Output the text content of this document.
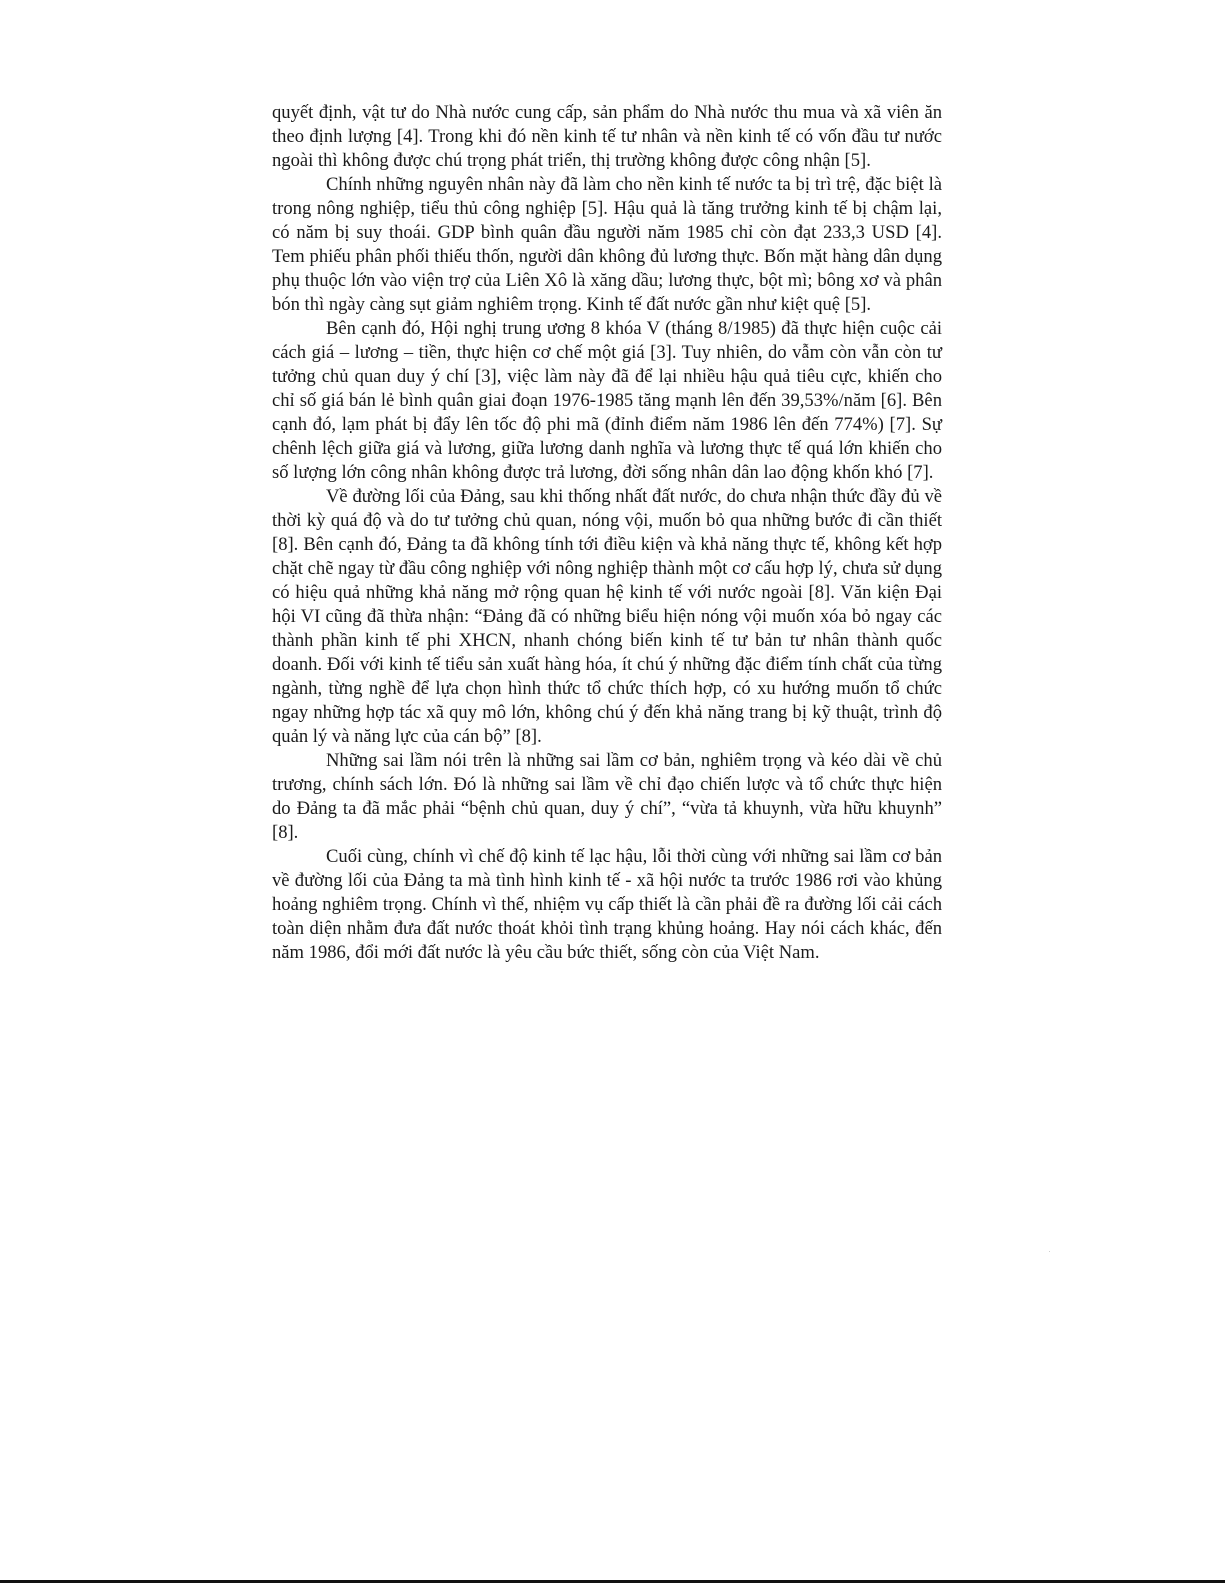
quyết định, vật tư do Nhà nước cung cấp, sản phẩm do Nhà nước thu mua và xã viên ăn theo định lượng [4]. Trong khi đó nền kinh tế tư nhân và nền kinh tế có vốn đầu tư nước ngoài thì không được chú trọng phát triển, thị trường không được công nhận [5].

Chính những nguyên nhân này đã làm cho nền kinh tế nước ta bị trì trệ, đặc biệt là trong nông nghiệp, tiểu thủ công nghiệp [5]. Hậu quả là tăng trưởng kinh tế bị chậm lại, có năm bị suy thoái. GDP bình quân đầu người năm 1985 chỉ còn đạt 233,3 USD [4]. Tem phiếu phân phối thiếu thốn, người dân không đủ lương thực. Bốn mặt hàng dân dụng phụ thuộc lớn vào viện trợ của Liên Xô là xăng dầu; lương thực, bột mì; bông xơ và phân bón thì ngày càng sụt giảm nghiêm trọng. Kinh tế đất nước gần như kiệt quệ [5].

Bên cạnh đó, Hội nghị trung ương 8 khóa V (tháng 8/1985) đã thực hiện cuộc cải cách giá – lương – tiền, thực hiện cơ chế một giá [3]. Tuy nhiên, do vẫm còn vẫn còn tư tưởng chủ quan duy ý chí [3], việc làm này đã để lại nhiều hậu quả tiêu cực, khiến cho chỉ số giá bán lẻ bình quân giai đoạn 1976-1985 tăng mạnh lên đến 39,53%/năm [6]. Bên cạnh đó, lạm phát bị đẩy lên tốc độ phi mã (đỉnh điểm năm 1986 lên đến 774%) [7]. Sự chênh lệch giữa giá và lương, giữa lương danh nghĩa và lương thực tế quá lớn khiến cho số lượng lớn công nhân không được trả lương, đời sống nhân dân lao động khốn khó [7].

Về đường lối của Đảng, sau khi thống nhất đất nước, do chưa nhận thức đầy đủ về thời kỳ quá độ và do tư tưởng chủ quan, nóng vội, muốn bỏ qua những bước đi cần thiết [8]. Bên cạnh đó, Đảng ta đã không tính tới điều kiện và khả năng thực tế, không kết hợp chặt chẽ ngay từ đầu công nghiệp với nông nghiệp thành một cơ cấu hợp lý, chưa sử dụng có hiệu quả những khả năng mở rộng quan hệ kinh tế với nước ngoài [8]. Văn kiện Đại hội VI cũng đã thừa nhận: “Đảng đã có những biểu hiện nóng vội muốn xóa bỏ ngay các thành phần kinh tế phi XHCN, nhanh chóng biến kinh tế tư bản tư nhân thành quốc doanh. Đối với kinh tế tiểu sản xuất hàng hóa, ít chú ý những đặc điểm tính chất của từng ngành, từng nghề để lựa chọn hình thức tổ chức thích hợp, có xu hướng muốn tổ chức ngay những hợp tác xã quy mô lớn, không chú ý đến khả năng trang bị kỹ thuật, trình độ quản lý và năng lực của cán bộ” [8].

Những sai lầm nói trên là những sai lầm cơ bản, nghiêm trọng và kéo dài về chủ trương, chính sách lớn. Đó là những sai lầm về chỉ đạo chiến lược và tổ chức thực hiện do Đảng ta đã mắc phải “bệnh chủ quan, duy ý chí”, “vừa tả khuynh, vừa hữu khuynh” [8].

Cuối cùng, chính vì chế độ kinh tế lạc hậu, lỗi thời cùng với những sai lầm cơ bản về đường lối của Đảng ta mà tình hình kinh tế - xã hội nước ta trước 1986 rơi vào khủng hoảng nghiêm trọng. Chính vì thế, nhiệm vụ cấp thiết là cần phải đề ra đường lối cải cách toàn diện nhằm đưa đất nước thoát khỏi tình trạng khủng hoảng. Hay nói cách khác, đến năm 1986, đổi mới đất nước là yêu cầu bức thiết, sống còn của Việt Nam.
